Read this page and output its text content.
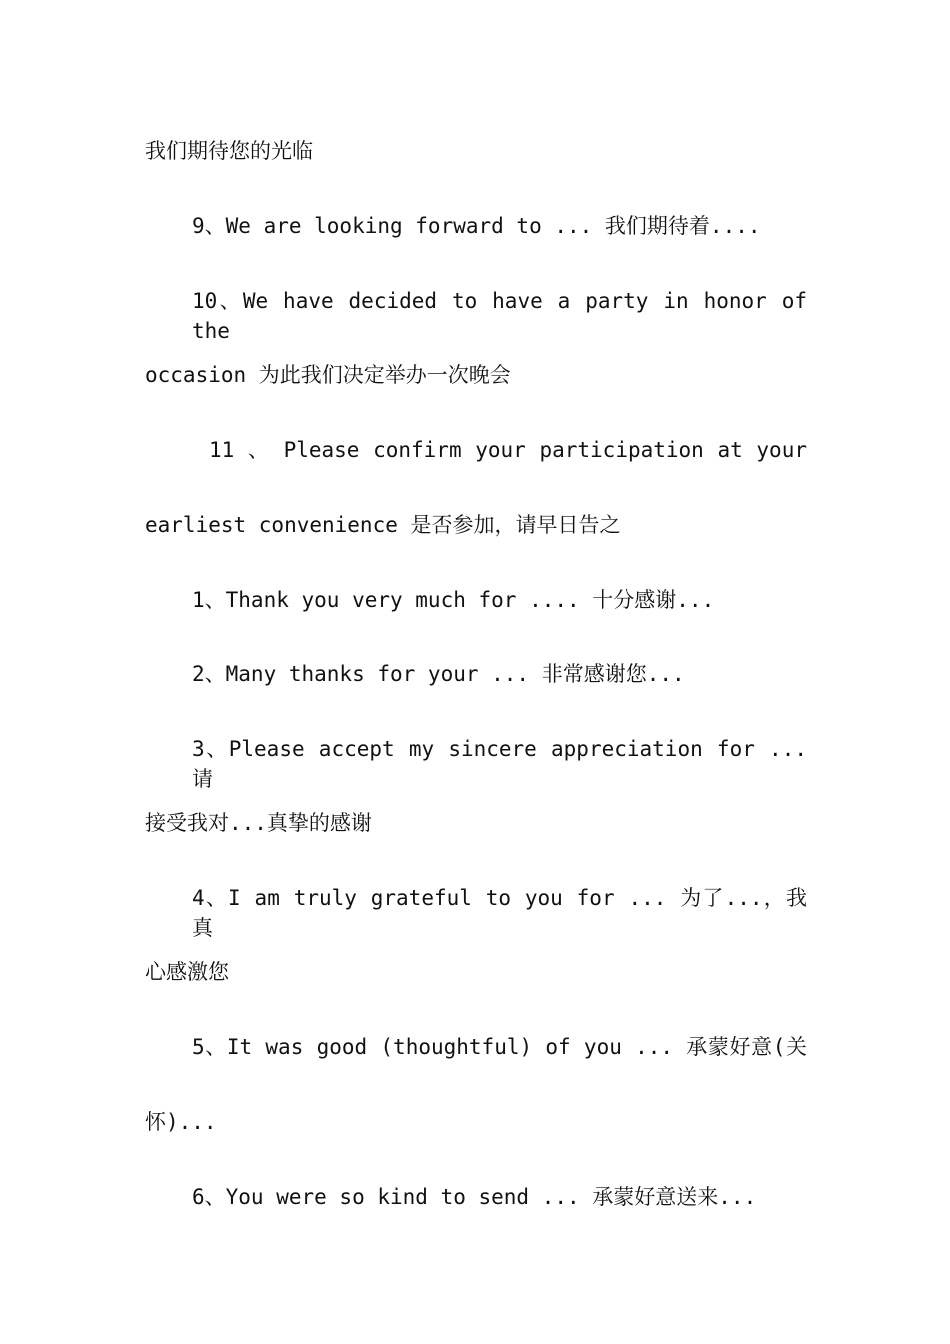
我们期待您的光临
9、We are looking forward to ... 我们期待着....
10、We have decided to have a party in honor of the
occasion 为此我们决定举办一次晚会
11 、 Please confirm your participation at your
earliest convenience 是否参加，请早日告之
1、Thank you very much for .... 十分感谢...
2、Many thanks for your ... 非常感谢您...
3、Please accept my sincere appreciation for ... 请
接受我对...真挚的感谢
4、I am truly grateful to you for ... 为了...，我真
心感激您
5、It was good (thoughtful) of you ... 承蒙好意(关
怀)...
6、You were so kind to send ... 承蒙好意送来...
